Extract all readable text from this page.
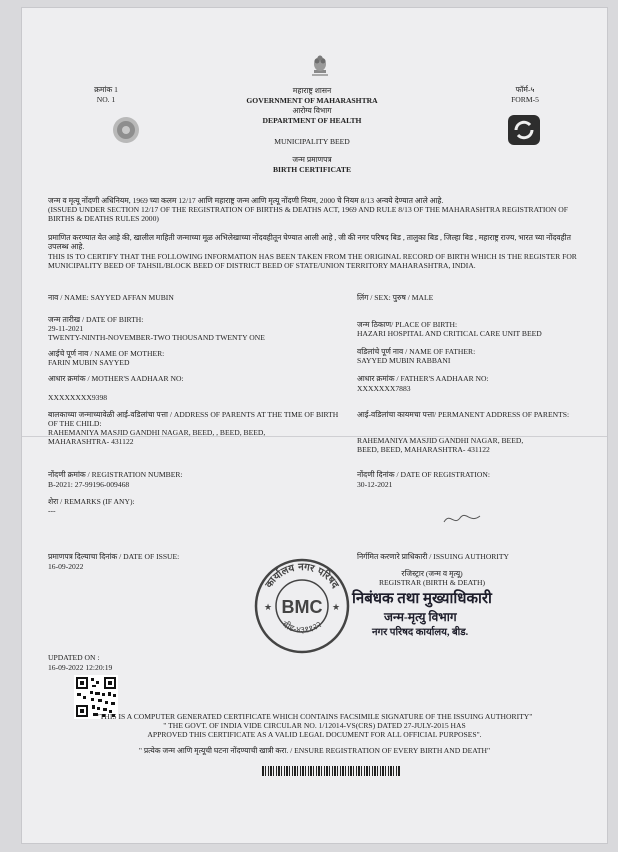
क्रमांक 1
NO. 1
महाराष्ट्र शासन
GOVERNMENT OF MAHARASHTRA
आरोग्य विभाग
DEPARTMENT OF HEALTH
MUNICIPALITY BEED
जन्म प्रमाणपत्र
BIRTH CERTIFICATE
फॉर्म-५
FORM-5
जन्म व मृत्यू नोंदणी अधिनियम, 1969 च्या कलम 12/17 आणि महाराष्ट्र जन्म आणि मृत्यू नोंदणी नियम, 2000 चे नियम 8/13 अन्वये देण्यात आले आहे.
(ISSUED UNDER SECTION 12/17 OF THE REGISTRATION OF BIRTHS & DEATHS ACT, 1969 AND RULE 8/13 OF THE MAHARASHTRA REGISTRATION OF BIRTHS & DEATHS RULES 2000)
प्रमाणित करण्यात येत आहे की, खालील माहिती जन्माच्या मूळ अभिलेखाच्या नोंदवहीतून घेण्यात आली आहे , जी की नगर परिषद बिड , तालुका बिड , जिल्हा बिड , महाराष्ट्र राज्य, भारत च्या नोंदवहीत उपलब्ध आहे.
THIS IS TO CERTIFY THAT THE FOLLOWING INFORMATION HAS BEEN TAKEN FROM THE ORIGINAL RECORD OF BIRTH WHICH IS THE REGISTER FOR MUNICIPALITY BEED OF TAHSIL/BLOCK BEED OF DISTRICT BEED OF STATE/UNION TERRITORY MAHARASHTRA, INDIA.
नाव / NAME: SAYYED AFFAN MUBIN
जन्म तारीख / DATE OF BIRTH:
29-11-2021
TWENTY-NINTH-NOVEMBER-TWO THOUSAND TWENTY ONE
आईचे पूर्ण नाव / NAME OF MOTHER:
FARIN MUBIN SAYYED
आधार क्रमांक / MOTHER'S AADHAAR NO:
XXXXXXXX9398
बालकाच्या जन्माच्यावेळी आई-वडिलांचा पत्ता / ADDRESS OF PARENTS AT THE TIME OF BIRTH OF THE CHILD:
RAHEMANIYA MASJID GANDHI NAGAR, BEED, , BEED, BEED, MAHARASHTRA- 431122
नोंदणी क्रमांक / REGISTRATION NUMBER:
B-2021: 27-99196-009468
शेरा / REMARKS (IF ANY):
---
लिंग / SEX: पुरुष / MALE
जन्म ठिकाण/ PLACE OF BIRTH:
HAZARI HOSPITAL AND CRITICAL CARE UNIT BEED
वडिलांचे पूर्ण नाव / NAME OF FATHER:
SAYYED MUBIN RABBANI
आधार क्रमांक / FATHER'S AADHAAR NO:
XXXXXXX7883
आई-वडिलांचा कायमचा पत्ता/ PERMANENT ADDRESS OF PARENTS:
RAHEMANIYA MASJID GANDHI NAGAR, BEED, BEED, BEED, MAHARASHTRA- 431122
नोंदणी दिनांक / DATE OF REGISTRATION:
30-12-2021
प्रमाणपत्र दिल्याचा दिनांक / DATE OF ISSUE:
16-09-2022
निर्गमित करणारे प्राधिकारी / ISSUING AUTHORITY
रजिस्ट्रार (जन्म व मृत्यू)
REGISTRAR (BIRTH & DEATH)
निबंधक तथा मुख्याधिकारी
जन्म-मृत्यु विभाग
नगर परिषद कार्यालय, बीड.
कार्यालय नगर परिषद
बीड-४३११२२
BMC
★	★
UPDATED ON :
16-09-2022 12:20:19
"THIS IS A COMPUTER GENERATED CERTIFICATE WHICH CONTAINS FACSIMILE SIGNATURE OF THE ISSUING AUTHORITY"
" THE GOVT. OF INDIA VIDE CIRCULAR NO. 1/12014-VS(CRS) DATED 27-JULY-2015 HAS
APPROVED THIS CERTIFICATE AS A VALID LEGAL DOCUMENT FOR ALL OFFICIAL PURPOSES".
" प्रत्येक जन्म आणि मृत्यूची घटना नोंदण्याची खात्री करा. / ENSURE REGISTRATION OF EVERY BIRTH AND DEATH"
